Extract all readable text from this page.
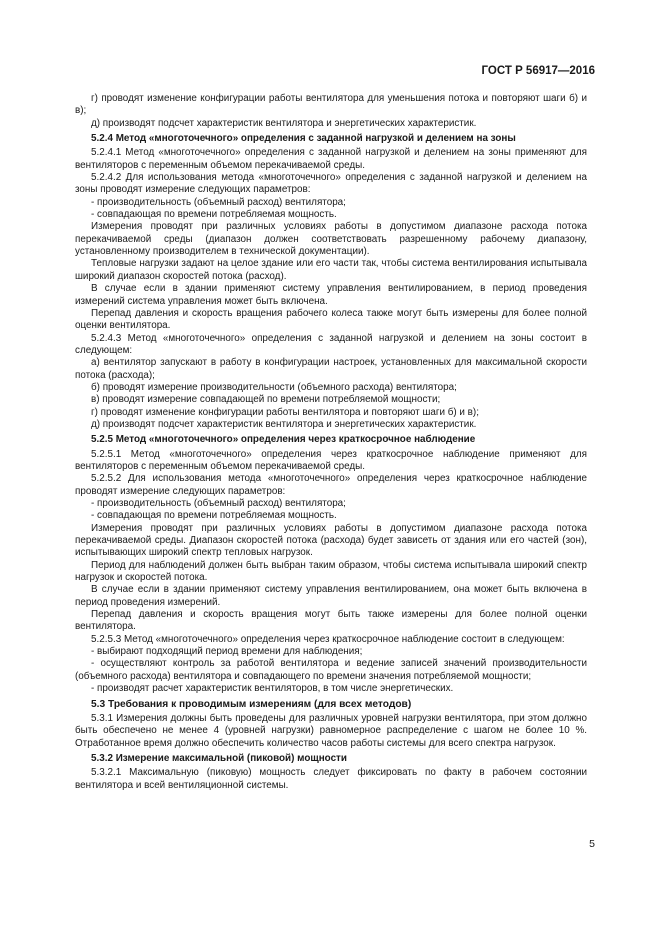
ГОСТ Р 56917—2016

г) проводят изменение конфигурации работы вентилятора для уменьшения потока и повторяют шаги б) и в);

д) производят подсчет характеристик вентилятора и энергетических характеристик.

5.2.4 Метод «многоточечного» определения с заданной нагрузкой и делением на зоны

5.2.4.1 Метод «многоточечного» определения с заданной нагрузкой и делением на зоны применяют для вентиляторов с переменным объемом перекачиваемой среды.

5.2.4.2 Для использования метода «многоточечного» определения с заданной нагрузкой и делением на зоны проводят измерение следующих параметров:

- производительность (объемный расход) вентилятора;

- совпадающая по времени потребляемая мощность.

Измерения проводят при различных условиях работы в допустимом диапазоне расхода потока перекачиваемой среды (диапазон должен соответствовать разрешенному рабочему диапазону, установленному производителем в технической документации).

Тепловые нагрузки задают на целое здание или его части так, чтобы система вентилирования испытывала широкий диапазон скоростей потока (расход).

В случае если в здании применяют систему управления вентилированием, в период проведения измерений система управления может быть включена.

Перепад давления и скорость вращения рабочего колеса также могут быть измерены для более полной оценки вентилятора.

5.2.4.3 Метод «многоточечного» определения с заданной нагрузкой и делением на зоны состоит в следующем:

а) вентилятор запускают в работу в конфигурации настроек, установленных для максимальной скорости потока (расхода);

б) проводят измерение производительности (объемного расхода) вентилятора;

в) проводят измерение совпадающей по времени потребляемой мощности;

г) проводят изменение конфигурации работы вентилятора и повторяют шаги б) и в);

д) производят подсчет характеристик вентилятора и энергетических характеристик.

5.2.5 Метод «многоточечного» определения через краткосрочное наблюдение

5.2.5.1 Метод «многоточечного» определения через краткосрочное наблюдение применяют для вентиляторов с переменным объемом перекачиваемой среды.

5.2.5.2 Для использования метода «многоточечного» определения через краткосрочное наблюдение проводят измерение следующих параметров:

- производительность (объемный расход) вентилятора;

- совпадающая по времени потребляемая мощность.

Измерения проводят при различных условиях работы в допустимом диапазоне расхода потока перекачиваемой среды. Диапазон скоростей потока (расхода) будет зависеть от здания или его частей (зон), испытывающих широкий спектр тепловых нагрузок.

Период для наблюдений должен быть выбран таким образом, чтобы система испытывала широкий спектр нагрузок и скоростей потока.

В случае если в здании применяют систему управления вентилированием, она может быть включена в период проведения измерений.

Перепад давления и скорость вращения могут быть также измерены для более полной оценки вентилятора.

5.2.5.3 Метод «многоточечного» определения через краткосрочное наблюдение состоит в следующем:

- выбирают подходящий период времени для наблюдения;

- осуществляют контроль за работой вентилятора и ведение записей значений производительности (объемного расхода) вентилятора и совпадающего по времени значения потребляемой мощности;

- производят расчет характеристик вентиляторов, в том числе энергетических.

5.3 Требования к проводимым измерениям (для всех методов)

5.3.1 Измерения должны быть проведены для различных уровней нагрузки вентилятора, при этом должно быть обеспечено не менее 4 (уровней нагрузки) равномерное распределение с шагом не более 10 %. Отработанное время должно обеспечить количество часов работы системы для всего спектра нагрузок.

5.3.2 Измерение максимальной (пиковой) мощности

5.3.2.1 Максимальную (пиковую) мощность следует фиксировать по факту в рабочем состоянии вентилятора и всей вентиляционной системы.

5
